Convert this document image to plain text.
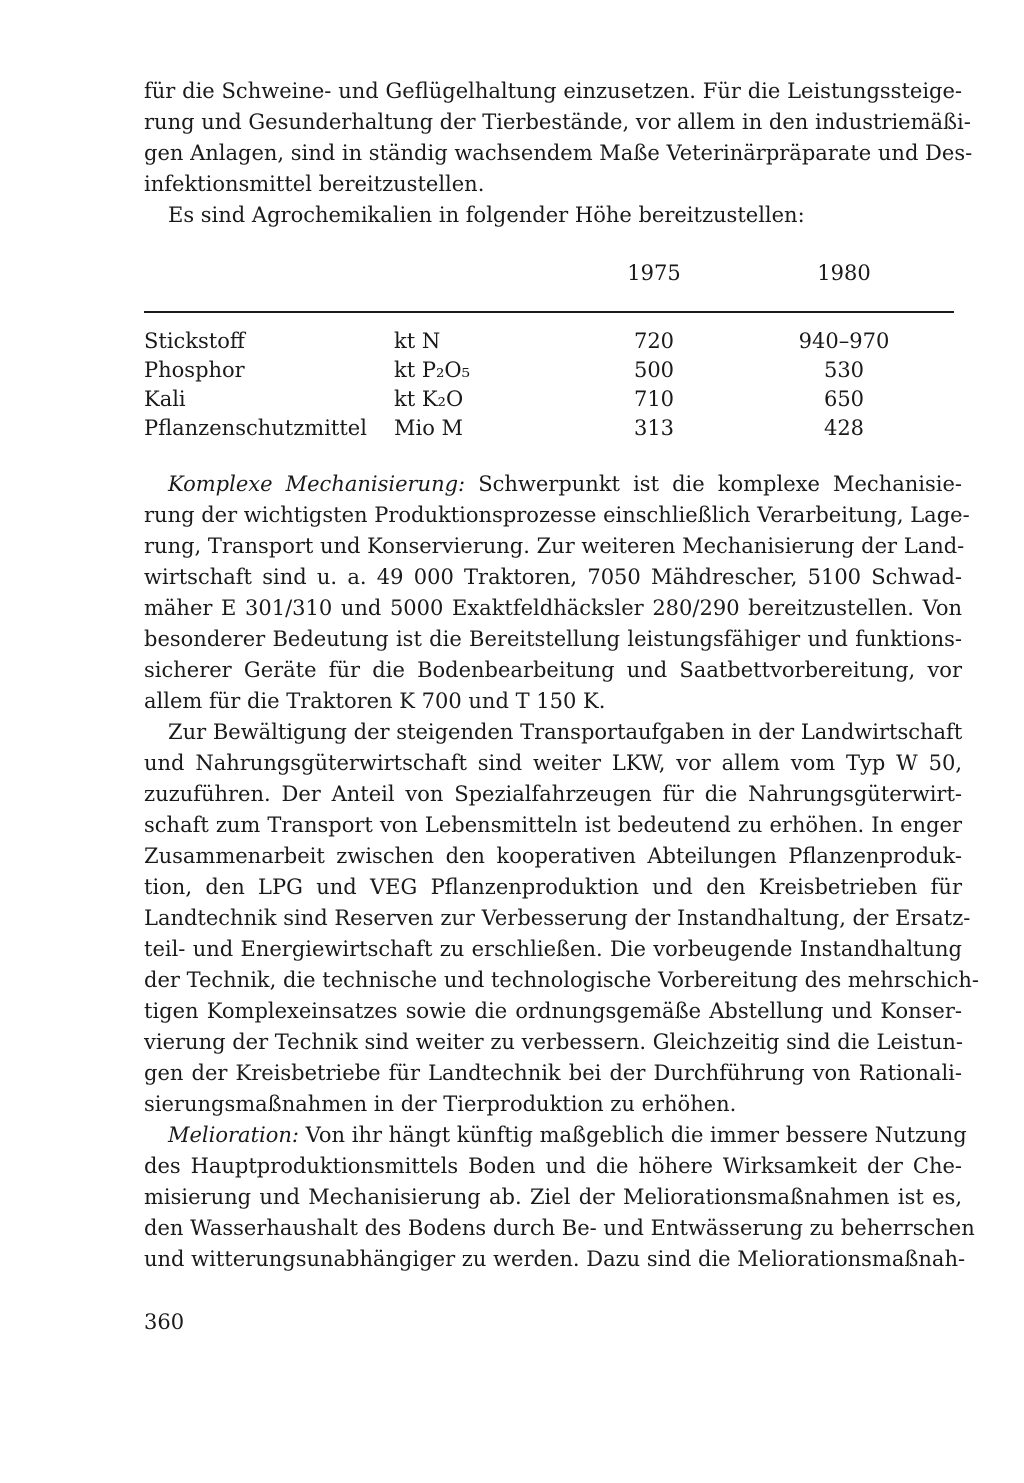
für die Schweine- und Geflügelhaltung einzusetzen. Für die Leistungssteige-
rung und Gesunderhaltung der Tierbestände, vor allem in den industriemäßi-
gen Anlagen, sind in ständig wachsendem Maße Veterinärpräparate und Des-
infektionsmittel bereitzustellen.

Es sind Agrochemikalien in folgender Höhe bereitzustellen:

		1975	1980
Stickstoff	kt N	720	940–970
Phosphor	kt P₂O₅	500	530
Kali	kt K₂O	710	650
Pflanzenschutzmittel	Mio M	313	428

Komplexe Mechanisierung: Schwerpunkt ist die komplexe Mechanisie-
rung der wichtigsten Produktionsprozesse einschließlich Verarbeitung, Lage-
rung, Transport und Konservierung. Zur weiteren Mechanisierung der Land-
wirtschaft sind u. a. 49 000 Traktoren, 7050 Mähdrescher, 5100 Schwad-
mäher E 301/310 und 5000 Exaktfeldhäcksler 280/290 bereitzustellen. Von
besonderer Bedeutung ist die Bereitstellung leistungsfähiger und funktions-
sicherer Geräte für die Bodenbearbeitung und Saatbettvorbereitung, vor
allem für die Traktoren K 700 und T 150 K.

Zur Bewältigung der steigenden Transportaufgaben in der Landwirtschaft
und Nahrungsgüterwirtschaft sind weiter LKW, vor allem vom Typ W 50,
zuzuführen. Der Anteil von Spezialfahrzeugen für die Nahrungsgüterwirt-
schaft zum Transport von Lebensmitteln ist bedeutend zu erhöhen. In enger
Zusammenarbeit zwischen den kooperativen Abteilungen Pflanzenproduk-
tion, den LPG und VEG Pflanzenproduktion und den Kreisbetrieben für
Landtechnik sind Reserven zur Verbesserung der Instandhaltung, der Ersatz-
teil- und Energiewirtschaft zu erschließen. Die vorbeugende Instandhaltung
der Technik, die technische und technologische Vorbereitung des mehrschich-
tigen Komplexeinsatzes sowie die ordnungsgemäße Abstellung und Konser-
vierung der Technik sind weiter zu verbessern. Gleichzeitig sind die Leistun-
gen der Kreisbetriebe für Landtechnik bei der Durchführung von Rationali-
sierungsmaßnahmen in der Tierproduktion zu erhöhen.

Melioration: Von ihr hängt künftig maßgeblich die immer bessere Nutzung
des Hauptproduktionsmittels Boden und die höhere Wirksamkeit der Che-
misierung und Mechanisierung ab. Ziel der Meliorationsmaßnahmen ist es,
den Wasserhaushalt des Bodens durch Be- und Entwässerung zu beherrschen
und witterungsunabhängiger zu werden. Dazu sind die Meliorationsmaßnah-

360
